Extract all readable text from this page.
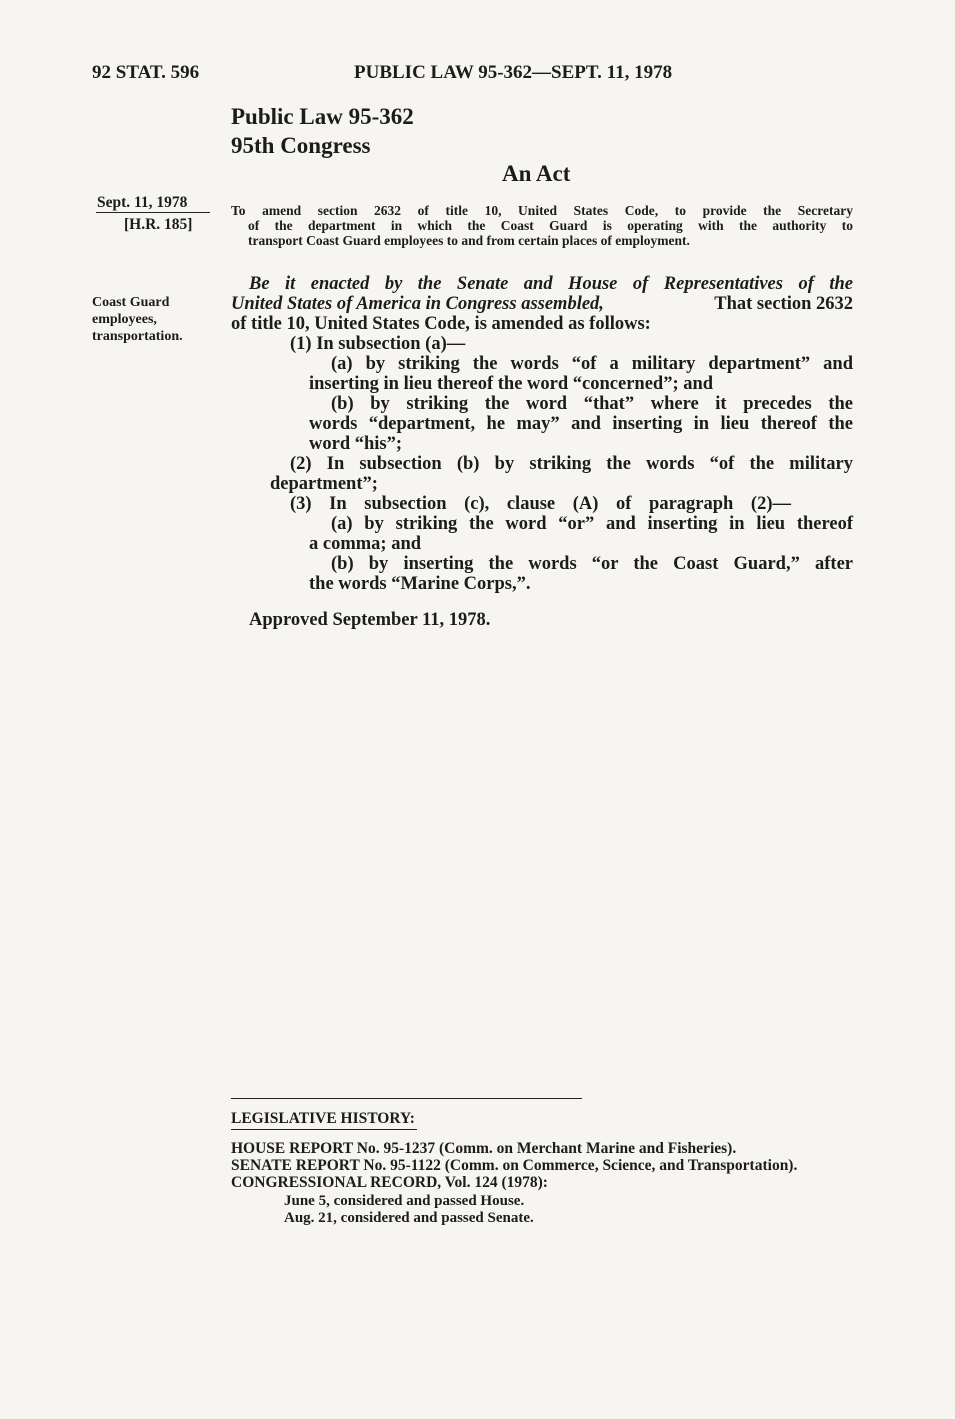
92 STAT. 596	PUBLIC LAW 95-362—SEPT. 11, 1978
Public Law 95-362
95th Congress
An Act
Sept. 11, 1978
[H.R. 185]
Coast Guard
employees,
transportation.
To amend section 2632 of title 10, United States Code, to provide the Secretary
of the department in which the Coast Guard is operating with the authority to
transport Coast Guard employees to and from certain places of employment.
Be it enacted by the Senate and House of Representatives of the
United States of America in Congress assembled,	That section 2632
of title 10, United States Code, is amended as follows:
(1) In subsection (a)—
(a) by striking the words “of a military department” and
inserting in lieu thereof the word “concerned”; and
(b) by striking the word “that” where it precedes the
words “department, he may” and inserting in lieu thereof the
word “his”;
(2) In subsection (b) by striking the words “of the military
department”;
(3) In subsection (c), clause (A) of paragraph (2)—
(a) by striking the word “or” and inserting in lieu thereof
a comma; and
(b) by inserting the words “or the Coast Guard,” after
the words “Marine Corps,”.
Approved September 11, 1978.
LEGISLATIVE HISTORY:
HOUSE REPORT No. 95-1237 (Comm. on Merchant Marine and Fisheries).
SENATE REPORT No. 95-1122 (Comm. on Commerce, Science, and Transportation).
CONGRESSIONAL RECORD, Vol. 124 (1978):
June 5, considered and passed House.
Aug. 21, considered and passed Senate.
